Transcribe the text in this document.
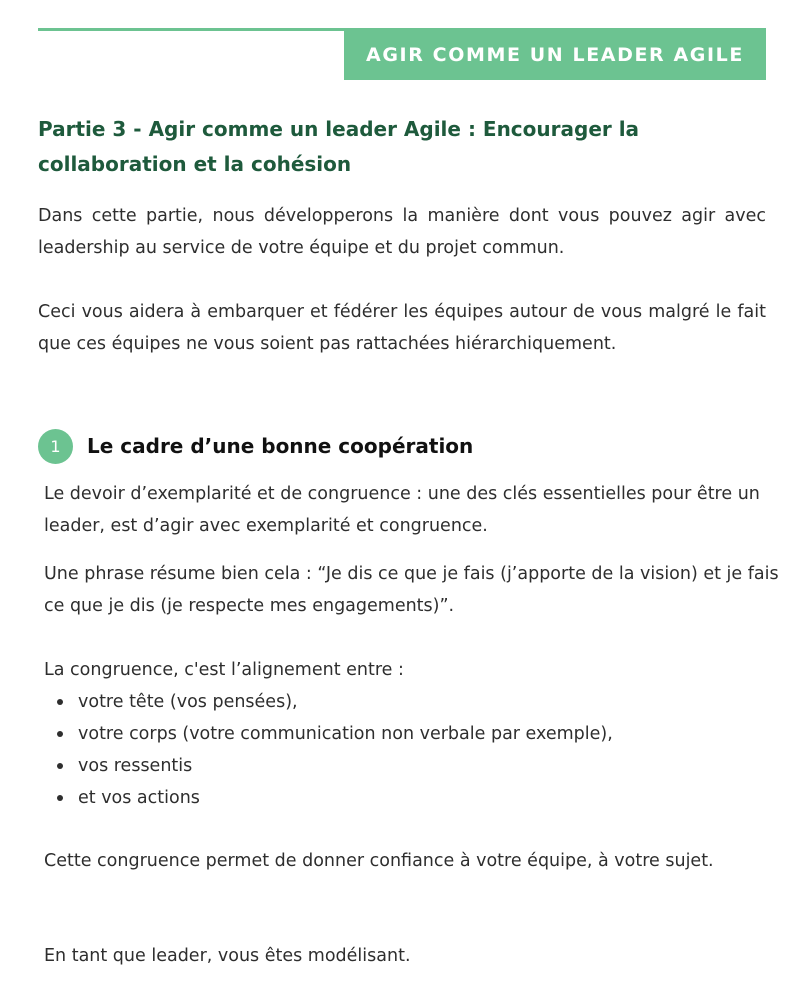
AGIR COMME UN LEADER AGILE
Partie 3 - Agir comme un leader Agile : Encourager la collaboration et la cohésion

Dans cette partie, nous développerons la manière dont vous pouvez agir avec leadership au service de votre équipe et du projet commun.

Ceci vous aidera à embarquer et fédérer les équipes autour de vous malgré le fait que ces équipes ne vous soient pas rattachées hiérarchiquement.

1	Le cadre d’une bonne coopération

Le devoir d’exemplarité et de congruence : une des clés essentielles pour être un leader, est d’agir avec exemplarité et congruence.

Une phrase résume bien cela : “Je dis ce que je fais (j’apporte de la vision) et je fais ce que je dis (je respecte mes engagements)”.

La congruence, c'est l’alignement entre :

votre tête (vos pensées),
votre corps (votre communication non verbale par exemple),
vos ressentis
et vos actions

Cette congruence permet de donner confiance à votre équipe, à votre sujet.

En tant que leader, vous êtes modélisant.
